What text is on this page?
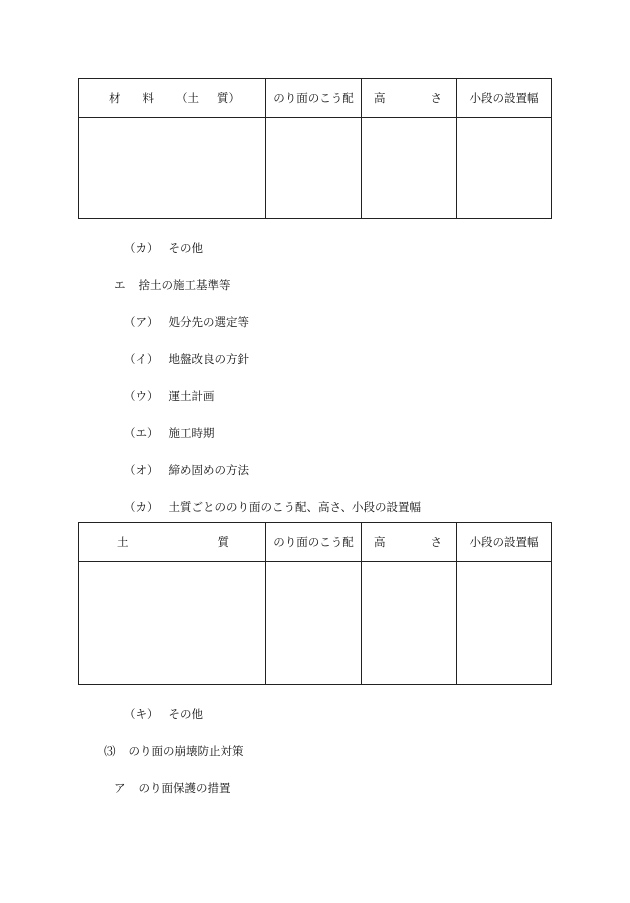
材 料 （土 質）	のり面のこう配	高 さ	小段の設置幅

（カ） その他
エ 捨土の施工基準等
（ア） 処分先の選定等
（イ） 地盤改良の方針
（ウ） 運土計画
（エ） 施工時期
（オ） 締め固めの方法
（カ） 土質ごとののり面のこう配、高さ、小段の設置幅
土 質	のり面のこう配	高 さ	小段の設置幅

（キ） その他
⑶ のり面の崩壊防止対策
ア のり面保護の措置
